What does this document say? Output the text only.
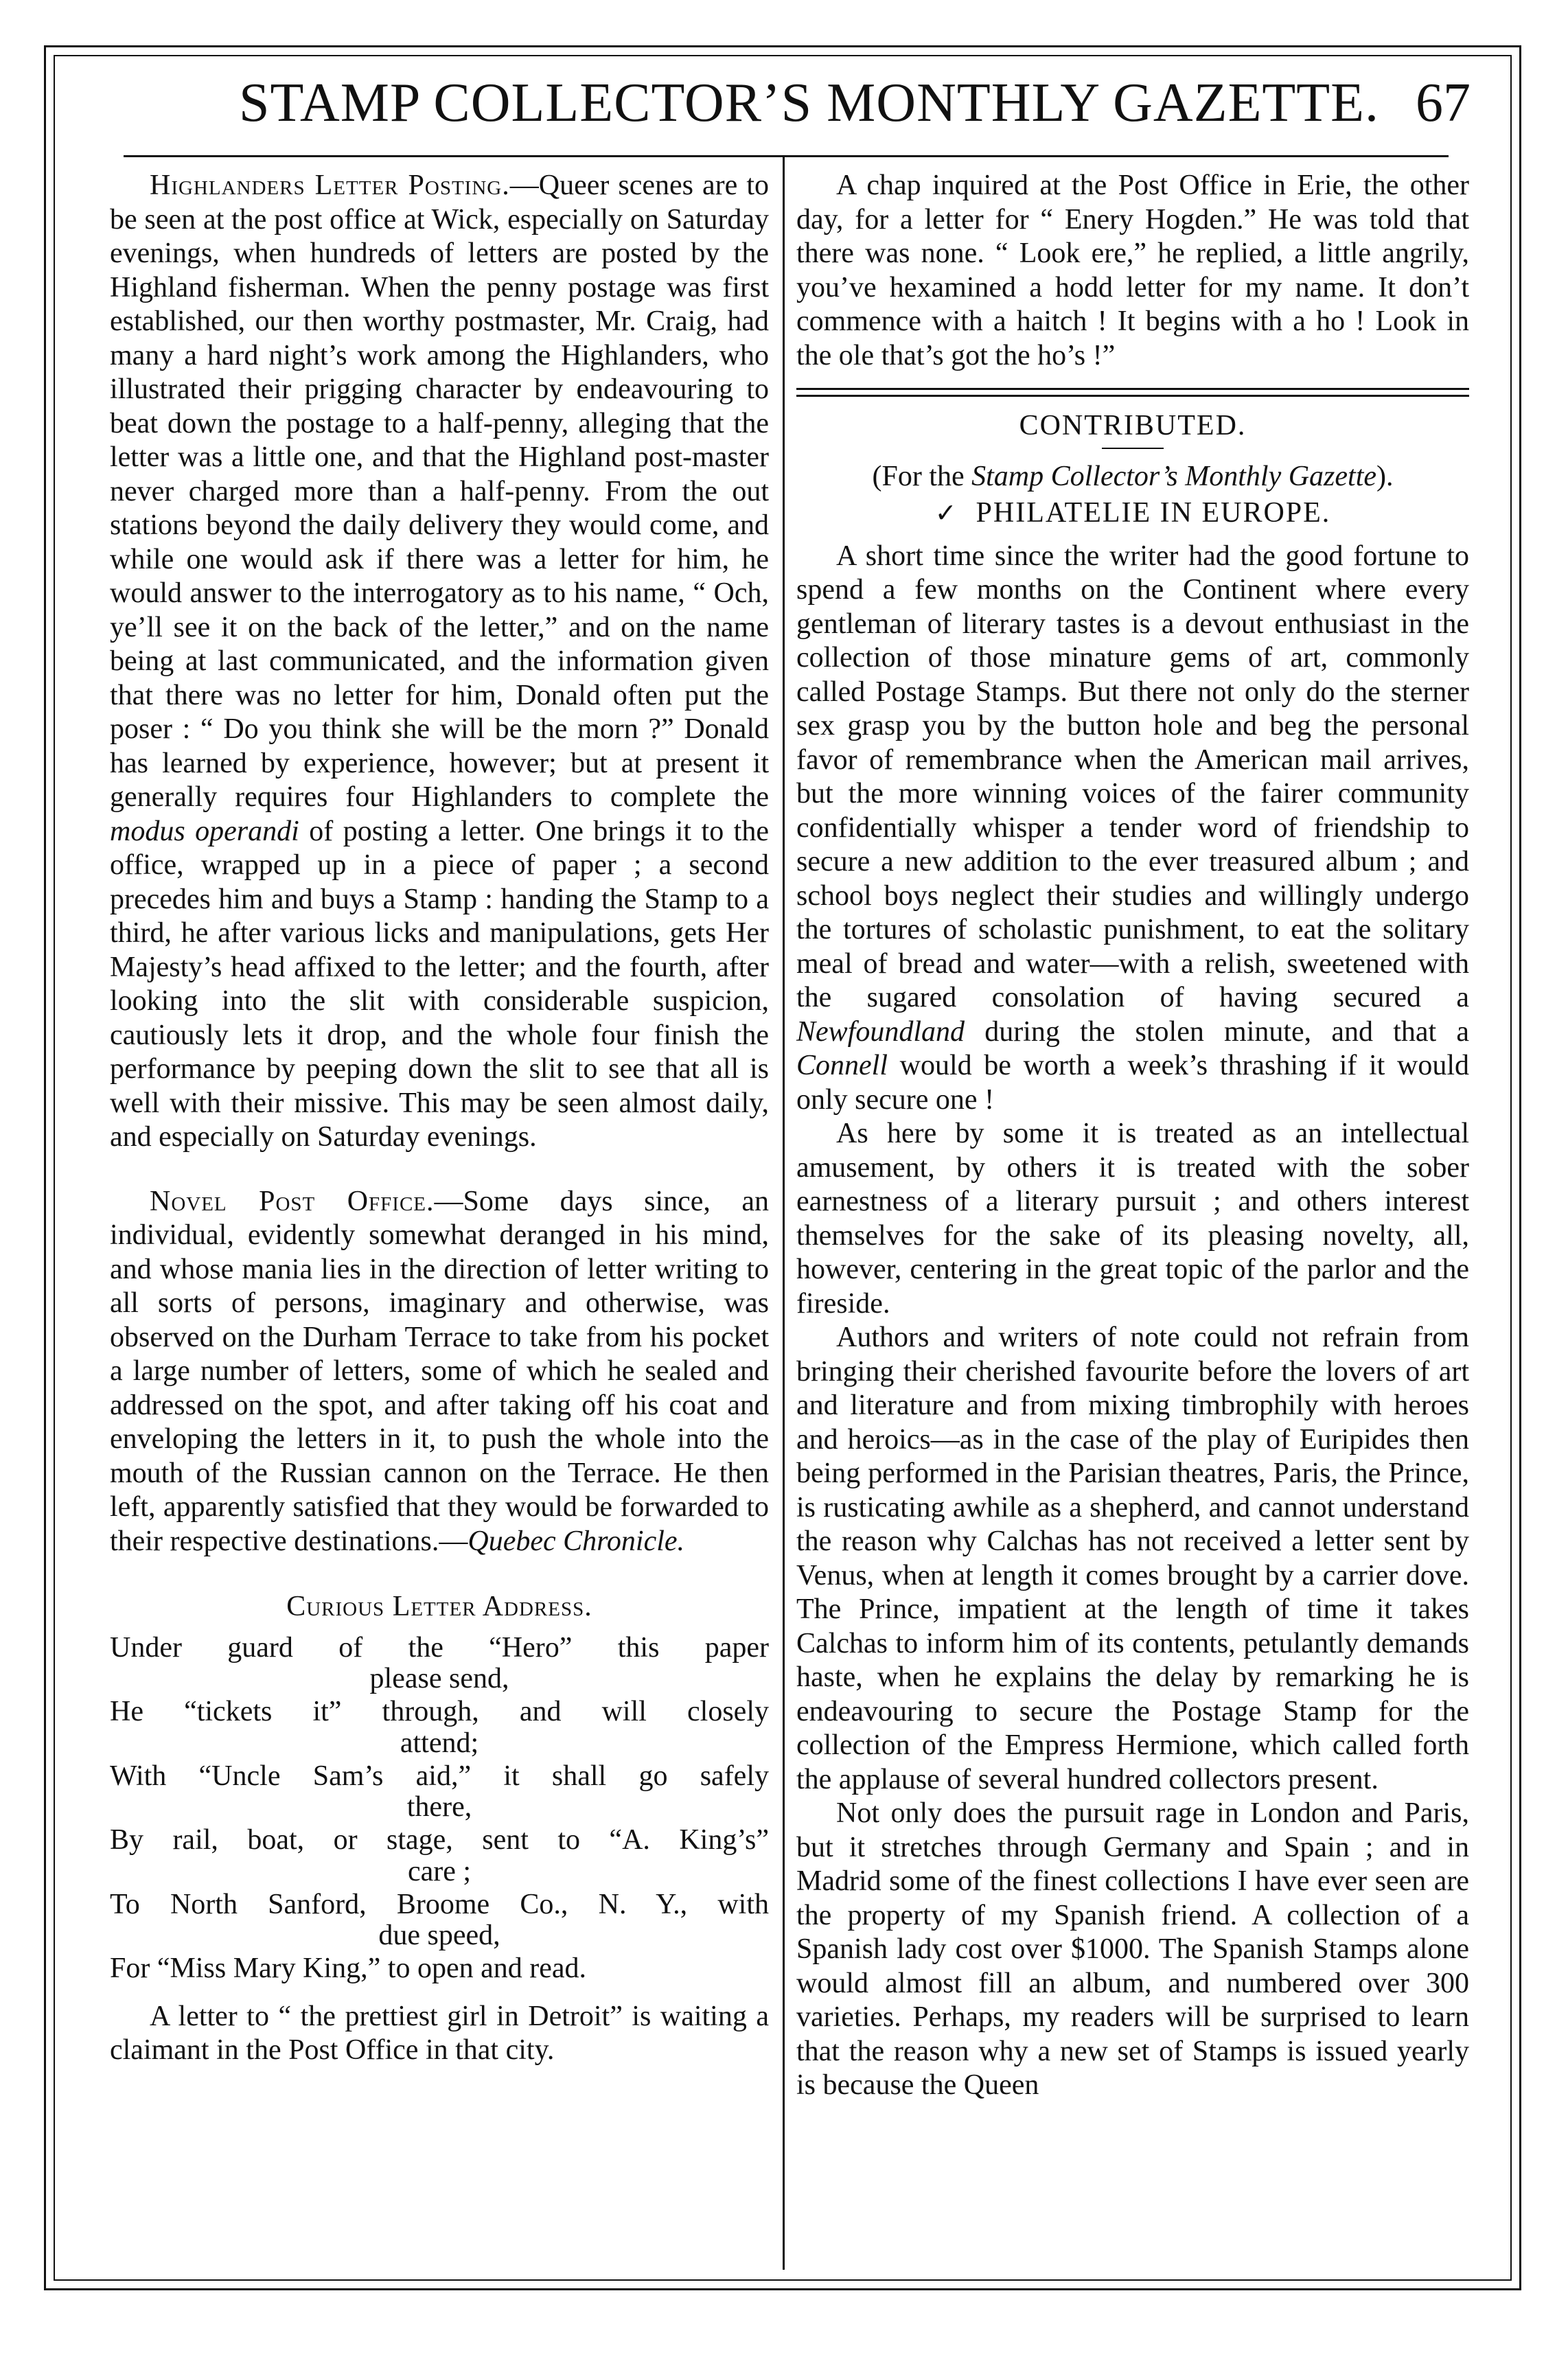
STAMP COLLECTOR’S MONTHLY GAZETTE. 67

Highlanders Letter Posting.—Queer scenes are to be seen at the post office at Wick, especially on Saturday evenings, when hundreds of letters are posted by the Highland fisherman. When the penny postage was first established, our then worthy postmaster, Mr. Craig, had many a hard night’s work among the Highlanders, who illustrated their prigging character by endeavouring to beat down the postage to a half-penny, alleging that the letter was a little one, and that the Highland post-master never charged more than a half-penny. From the out stations beyond the daily delivery they would come, and while one would ask if there was a letter for him, he would answer to the interrogatory as to his name, “ Och, ye’ll see it on the back of the letter,” and on the name being at last communicated, and the information given that there was no letter for him, Donald often put the poser : “ Do you think she will be the morn ?” Donald has learned by experience, however; but at present it generally requires four Highlanders to complete the modus operandi of posting a letter. One brings it to the office, wrapped up in a piece of paper ; a second precedes him and buys a Stamp : handing the Stamp to a third, he after various licks and manipulations, gets Her Majesty’s head affixed to the letter; and the fourth, after looking into the slit with considerable suspicion, cautiously lets it drop, and the whole four finish the performance by peeping down the slit to see that all is well with their missive. This may be seen almost daily, and especially on Saturday evenings.

Novel Post Office.—Some days since, an individual, evidently somewhat deranged in his mind, and whose mania lies in the direction of letter writing to all sorts of persons, imaginary and otherwise, was observed on the Durham Terrace to take from his pocket a large number of letters, some of which he sealed and addressed on the spot, and after taking off his coat and enveloping the letters in it, to push the whole into the mouth of the Russian cannon on the Terrace. He then left, apparently satisfied that they would be forwarded to their respective destinations.—Quebec Chronicle.

Curious Letter Address.
Under guard of the “Hero” this paper
please send,
He “tickets it” through, and will closely
attend;
With “Uncle Sam’s aid,” it shall go safely
there,
By rail, boat, or stage, sent to “A. King’s”
care ;
To North Sanford, Broome Co., N. Y., with
due speed,
For “Miss Mary King,” to open and read.

A letter to “ the prettiest girl in Detroit” is waiting a claimant in the Post Office in that city.

A chap inquired at the Post Office in Erie, the other day, for a letter for “ Enery Hogden.” He was told that there was none. “ Look ere,” he replied, a little angrily, you’ve hexamined a hodd letter for my name. It don’t commence with a haitch ! It begins with a ho ! Look in the ole that’s got the ho’s !”

CONTRIBUTED.
(For the Stamp Collector’s Monthly Gazette).
✓ PHILATELIE IN EUROPE.

A short time since the writer had the good fortune to spend a few months on the Continent where every gentleman of literary tastes is a devout enthusiast in the collection of those minature gems of art, commonly called Postage Stamps. But there not only do the sterner sex grasp you by the button hole and beg the personal favor of remembrance when the American mail arrives, but the more winning voices of the fairer community confidentially whisper a tender word of friendship to secure a new addition to the ever treasured album ; and school boys neglect their studies and willingly undergo the tortures of scholastic punishment, to eat the solitary meal of bread and water—with a relish, sweetened with the sugared consolation of having secured a Newfoundland during the stolen minute, and that a Connell would be worth a week’s thrashing if it would only secure one !

As here by some it is treated as an intellectual amusement, by others it is treated with the sober earnestness of a literary pursuit ; and others interest themselves for the sake of its pleasing novelty, all, however, centering in the great topic of the parlor and the fireside.

Authors and writers of note could not refrain from bringing their cherished favourite before the lovers of art and literature and from mixing timbrophily with heroes and heroics—as in the case of the play of Euripides then being performed in the Parisian theatres, Paris, the Prince, is rusticating awhile as a shepherd, and cannot understand the reason why Calchas has not received a letter sent by Venus, when at length it comes brought by a carrier dove. The Prince, impatient at the length of time it takes Calchas to inform him of its contents, petulantly demands haste, when he explains the delay by remarking he is endeavouring to secure the Postage Stamp for the collection of the Empress Hermione, which called forth the applause of several hundred collectors present.

Not only does the pursuit rage in London and Paris, but it stretches through Germany and Spain ; and in Madrid some of the finest collections I have ever seen are the property of my Spanish friend. A collection of a Spanish lady cost over $1000. The Spanish Stamps alone would almost fill an album, and numbered over 300 varieties. Perhaps, my readers will be surprised to learn that the reason why a new set of Stamps is issued yearly is because the Queen
